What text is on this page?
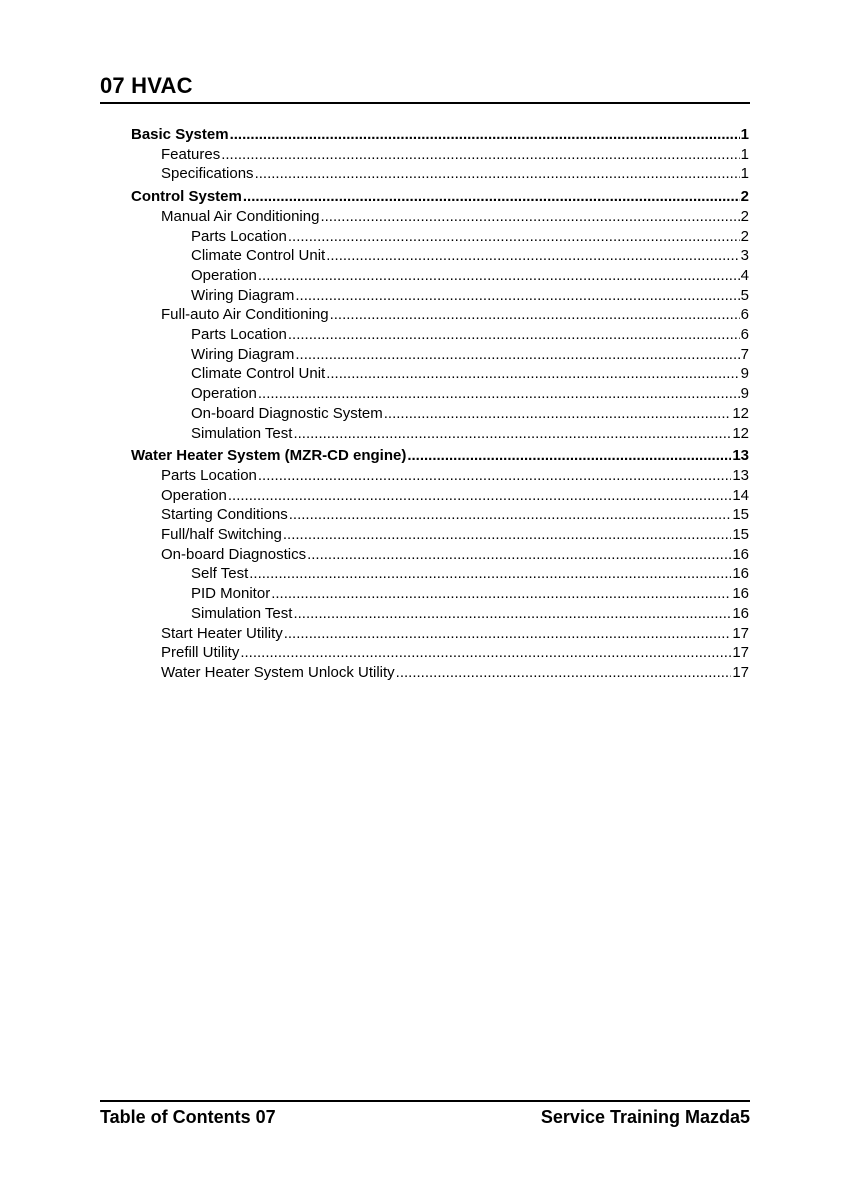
07 HVAC
Basic System .....	1
Features .....	1
Specifications .....	1
Control System .....	2
Manual Air Conditioning .....	2
Parts Location .....	2
Climate Control Unit .....	3
Operation .....	4
Wiring Diagram .....	5
Full-auto Air Conditioning .....	6
Parts Location .....	6
Wiring Diagram .....	7
Climate Control Unit .....	9
Operation .....	9
On-board Diagnostic System .....	12
Simulation Test .....	12
Water Heater System (MZR-CD engine) .....	13
Parts Location .....	13
Operation .....	14
Starting Conditions .....	15
Full/half Switching .....	15
On-board Diagnostics .....	16
Self Test .....	16
PID Monitor .....	16
Simulation Test .....	16
Start Heater Utility .....	17
Prefill Utility .....	17
Water Heater System Unlock Utility .....	17
Table of Contents 07	Service Training Mazda5
